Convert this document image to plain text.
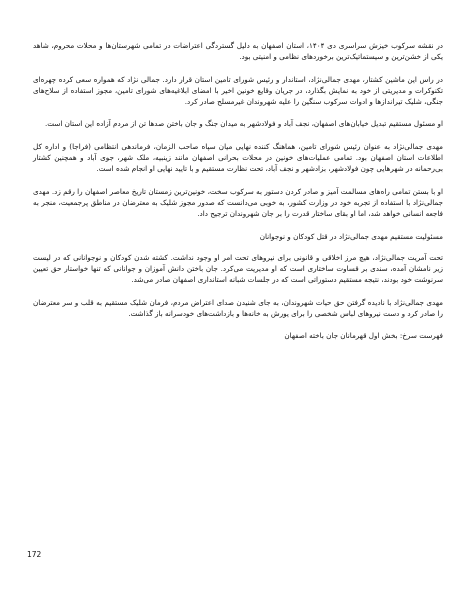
در نقشه سرکوب خیزش سراسری دی ۱۴۰۴، استان اصفهان به دلیل گستردگی اعتراضات در تمامی شهرستان‌ها و محلات محروم، شاهد یکی از خشن‌ترین و سیستماتیک‌ترین برخوردهای نظامی و امنیتی بود.

در راس این ماشین کشتار، مهدی جمالی‌نژاد، استاندار و رئیس شورای تامین استان قرار دارد. جمالی نژاد که همواره سعی کرده چهره‌ای تکنوکرات و مدیریتی از خود به نمایش بگذارد، در جریان وقایع خونین اخیر با امضای ابلاغیه‌های شورای تامین، مجوز استفاده از سلاح‌های جنگی، شلیک تیراندازها و ادوات سرکوب سنگین را علیه شهروندان غیرمسلح صادر کرد.

او مسئول مستقیم تبدیل خیابان‌های اصفهان، نجف آباد و فولادشهر به میدان جنگ و جان باختن صدها تن از مردم آزاده این استان است.

مهدی جمالی‌نژاد به عنوان رئیس شورای تامین، هماهنگ کننده نهایی میان سپاه صاحب الزمان، فرماندهی انتظامی (فراجا) و اداره کل اطلاعات استان اصفهان بود. تمامی عملیات‌های خونین در محلات بحرانی اصفهان مانند زینبیه، ملک شهر، جوی آباد و همچنین کشتار بی‌رحمانه در شهرهایی چون فولادشهر، بزادشهر و نجف آباد، تحت نظارت مستقیم و با تایید نهایی او انجام شده است.

او با بستن تمامی راه‌های مسالمت آمیز و صادر کردن دستور به سرکوب سخت، خونین‌ترین زمستان تاریخ معاصر اصفهان را رقم زد. مهدی جمالی‌نژاد با استفاده از تجربه خود در وزارت کشور، به خوبی می‌دانست که صدور مجوز شلیک به معترضان در مناطق پرجمعیت، منجر به فاجعه انسانی خواهد شد، اما او بقای ساختار قدرت را بر جان شهروندان ترجیح داد.

مسئولیت مستقیم مهدی جمالی‌نژاد در قتل کودکان و نوجوانان

تحت آمریت جمالی‌نژاد، هیچ مرز اخلاقی و قانونی برای نیروهای تحت امر او وجود نداشت. کشته شدن کودکان و نوجوانانی که در لیست زیر نامشان آمده، سندی بر قساوت ساختاری است که او مدیریت می‌کرد. جان باختن دانش آموزان و جوانانی که تنها خواستار حق تعیین سرنوشت خود بودند، نتیجه مستقیم دستوراتی است که در جلسات شبانه استانداری اصفهان صادر می‌شد.

مهدی جمالی‌نژاد با نادیده گرفتن حق حیات شهروندان، به جای شنیدن صدای اعتراض مردم، فرمان شلیک مستقیم به قلب و سر معترضان را صادر کرد و دست نیروهای لباس شخصی را برای یورش به خانه‌ها و بازداشت‌های خودسرانه باز گذاشت.

فهرست سرخ: بخش اول قهرمانان جان باخته اصفهان

172
